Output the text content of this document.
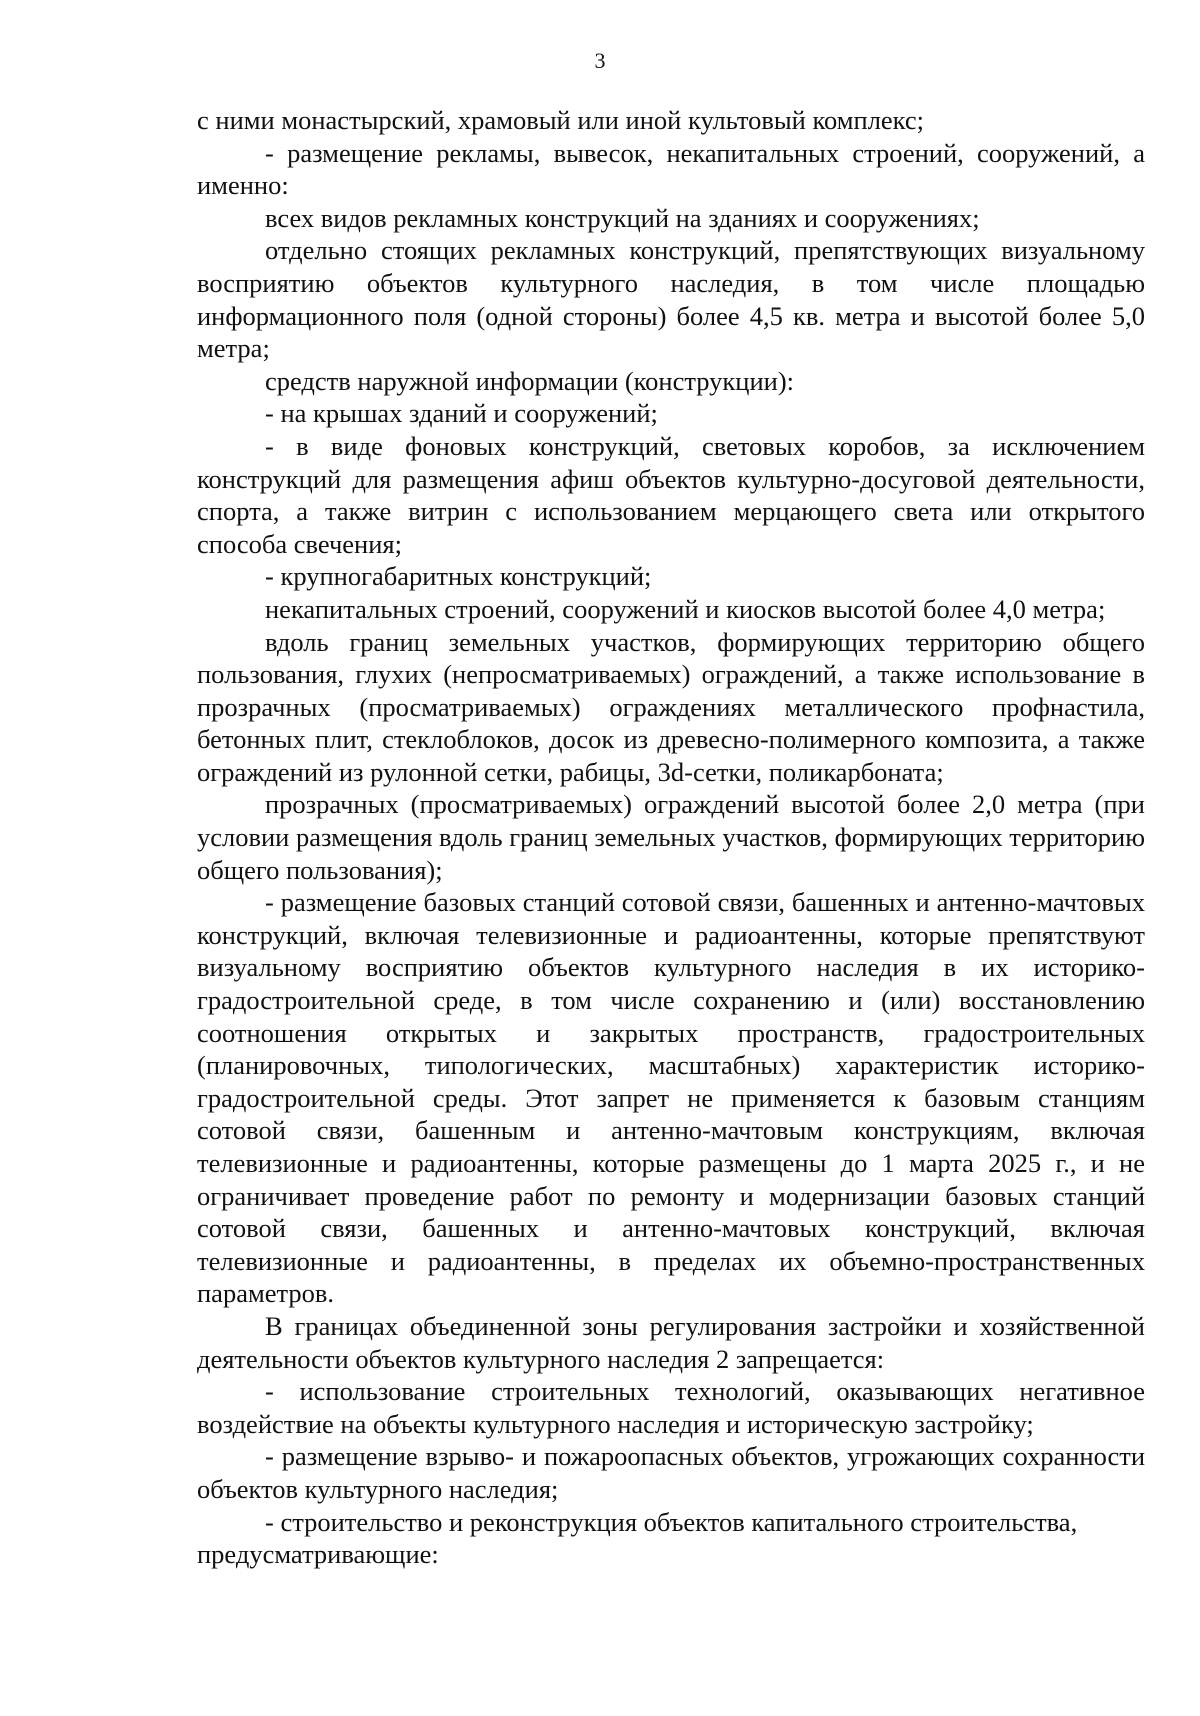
3

с ними монастырский, храмовый или иной культовый комплекс;

- размещение рекламы, вывесок, некапитальных строений, сооружений, а именно:

всех видов рекламных конструкций на зданиях и сооружениях;

отдельно стоящих рекламных конструкций, препятствующих визуальному восприятию объектов культурного наследия, в том числе площадью информационного поля (одной стороны) более 4,5 кв. метра и высотой более 5,0 метра;

средств наружной информации (конструкции):

- на крышах зданий и сооружений;

- в виде фоновых конструкций, световых коробов, за исключением конструкций для размещения афиш объектов культурно-досуговой деятельности, спорта, а также витрин с использованием мерцающего света или открытого способа свечения;

- крупногабаритных конструкций;

некапитальных строений, сооружений и киосков высотой более 4,0 метра;

вдоль границ земельных участков, формирующих территорию общего пользования, глухих (непросматриваемых) ограждений, а также использование в прозрачных (просматриваемых) ограждениях металлического профнастила, бетонных плит, стеклоблоков, досок из древесно-полимерного композита, а также ограждений из рулонной сетки, рабицы, 3d-сетки, поликарбоната;

прозрачных (просматриваемых) ограждений высотой более 2,0 метра (при условии размещения вдоль границ земельных участков, формирующих территорию общего пользования);

- размещение базовых станций сотовой связи, башенных и антенно-мачтовых конструкций, включая телевизионные и радиоантенны, которые препятствуют визуальному восприятию объектов культурного наследия в их историко-градостроительной среде, в том числе сохранению и (или) восстановлению соотношения открытых и закрытых пространств, градостроительных (планировочных, типологических, масштабных) характеристик историко-градостроительной среды. Этот запрет не применяется к базовым станциям сотовой связи, башенным и антенно-мачтовым конструкциям, включая телевизионные и радиоантенны, которые размещены до 1 марта 2025 г., и не ограничивает проведение работ по ремонту и модернизации базовых станций сотовой связи, башенных и антенно-мачтовых конструкций, включая телевизионные и радиоантенны, в пределах их объемно-пространственных параметров.

В границах объединенной зоны регулирования застройки и хозяйственной деятельности объектов культурного наследия 2 запрещается:

- использование строительных технологий, оказывающих негативное воздействие на объекты культурного наследия и историческую застройку;

- размещение взрыво- и пожароопасных объектов, угрожающих сохранности объектов культурного наследия;

- строительство и реконструкция объектов капитального строительства, предусматривающие:
